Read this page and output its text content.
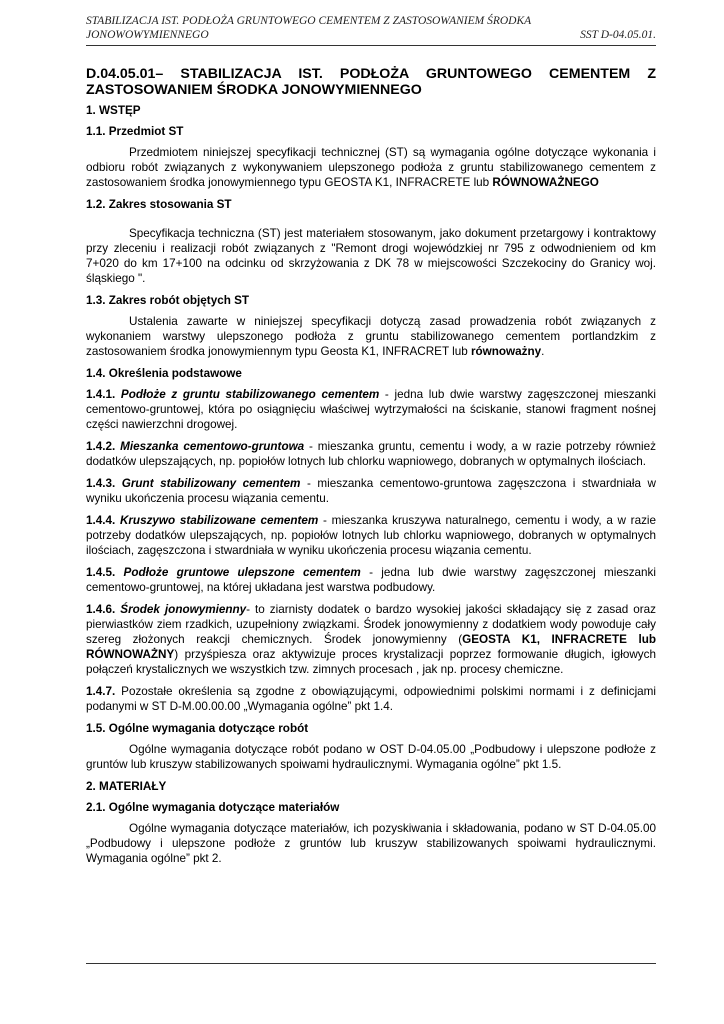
STABILIZACJA IST. PODŁOŻA GRUNTOWEGO CEMENTEM Z ZASTOSOWANIEM ŚRODKA
JONOWOWYMIENNEGO	SST D-04.05.01.
D.04.05.01– STABILIZACJA IST. PODŁOŻA GRUNTOWEGO CEMENTEM Z ZASTOSOWANIEM ŚRODKA JONOWYMIENNEGO
1. WSTĘP
1.1. Przedmiot ST
Przedmiotem niniejszej specyfikacji technicznej (ST) są wymagania ogólne dotyczące wykonania i odbioru robót związanych z wykonywaniem ulepszonego podłoża z gruntu stabilizowanego cementem z zastosowaniem środka jonowymiennego typu GEOSTA K1, INFRACRETE lub RÓWNOWAŻNEGO
1.2. Zakres stosowania ST
Specyfikacja techniczna (ST) jest materiałem stosowanym, jako dokument przetargowy i kontraktowy przy zleceniu i realizacji robót związanych z "Remont drogi wojewódzkiej nr 795 z odwodnieniem od km 7+020 do km 17+100 na odcinku od skrzyżowania z DK 78 w miejscowości Szczekociny do Granicy woj. śląskiego ".
1.3. Zakres robót objętych ST
Ustalenia zawarte w niniejszej specyfikacji dotyczą zasad prowadzenia robót związanych z wykonaniem warstwy ulepszonego podłoża z gruntu stabilizowanego cementem portlandzkim z zastosowaniem środka jonowymiennym typu Geosta K1, INFRACRET lub równoważny.
1.4. Określenia podstawowe
1.4.1. Podłoże z gruntu stabilizowanego cementem - jedna lub dwie warstwy zagęszczonej mieszanki cementowo-gruntowej, która po osiągnięciu właściwej wytrzymałości na ściskanie, stanowi fragment nośnej części nawierzchni drogowej.
1.4.2. Mieszanka cementowo-gruntowa - mieszanka gruntu, cementu i wody, a w razie potrzeby również dodatków ulepszających, np. popiołów lotnych lub chlorku wapniowego, dobranych w optymalnych ilościach.
1.4.3. Grunt stabilizowany cementem - mieszanka cementowo-gruntowa zagęszczona i stwardniała w wyniku ukończenia procesu wiązania cementu.
1.4.4. Kruszywo stabilizowane cementem - mieszanka kruszywa naturalnego, cementu i wody, a w razie potrzeby dodatków ulepszających, np. popiołów lotnych lub chlorku wapniowego, dobranych w optymalnych ilościach, zagęszczona i stwardniała w wyniku ukończenia procesu wiązania cementu.
1.4.5. Podłoże gruntowe ulepszone cementem - jedna lub dwie warstwy zagęszczonej mieszanki cementowo-gruntowej, na której układana jest warstwa podbudowy.
1.4.6. Środek jonowymienny- to ziarnisty dodatek o bardzo wysokiej jakości składający się z zasad oraz pierwiastków ziem rzadkich, uzupełniony związkami. Środek jonowymienny z dodatkiem wody powoduje cały szereg złożonych reakcji chemicznych. Środek jonowymienny (GEOSTA K1, INFRACRETE lub RÓWNOWAŻNY) przyśpiesza oraz aktywizuje proces krystalizacji poprzez formowanie długich, igłowych połączeń krystalicznych we wszystkich tzw. zimnych procesach , jak np. procesy chemiczne.
1.4.7. Pozostałe określenia są zgodne z obowiązującymi, odpowiednimi polskimi normami i z definicjami podanymi w ST D-M.00.00.00 „Wymagania ogólne” pkt 1.4.
1.5. Ogólne wymagania dotyczące robót
Ogólne wymagania dotyczące robót podano w OST D-04.05.00 „Podbudowy i ulepszone podłoże z gruntów lub kruszyw stabilizowanych spoiwami hydraulicznymi. Wymagania ogólne” pkt 1.5.
2. MATERIAŁY
2.1. Ogólne wymagania dotyczące materiałów
Ogólne wymagania dotyczące materiałów, ich pozyskiwania i składowania, podano w ST D-04.05.00 „Podbudowy i ulepszone podłoże z gruntów lub kruszyw stabilizowanych spoiwami hydraulicznymi. Wymagania ogólne” pkt 2.
